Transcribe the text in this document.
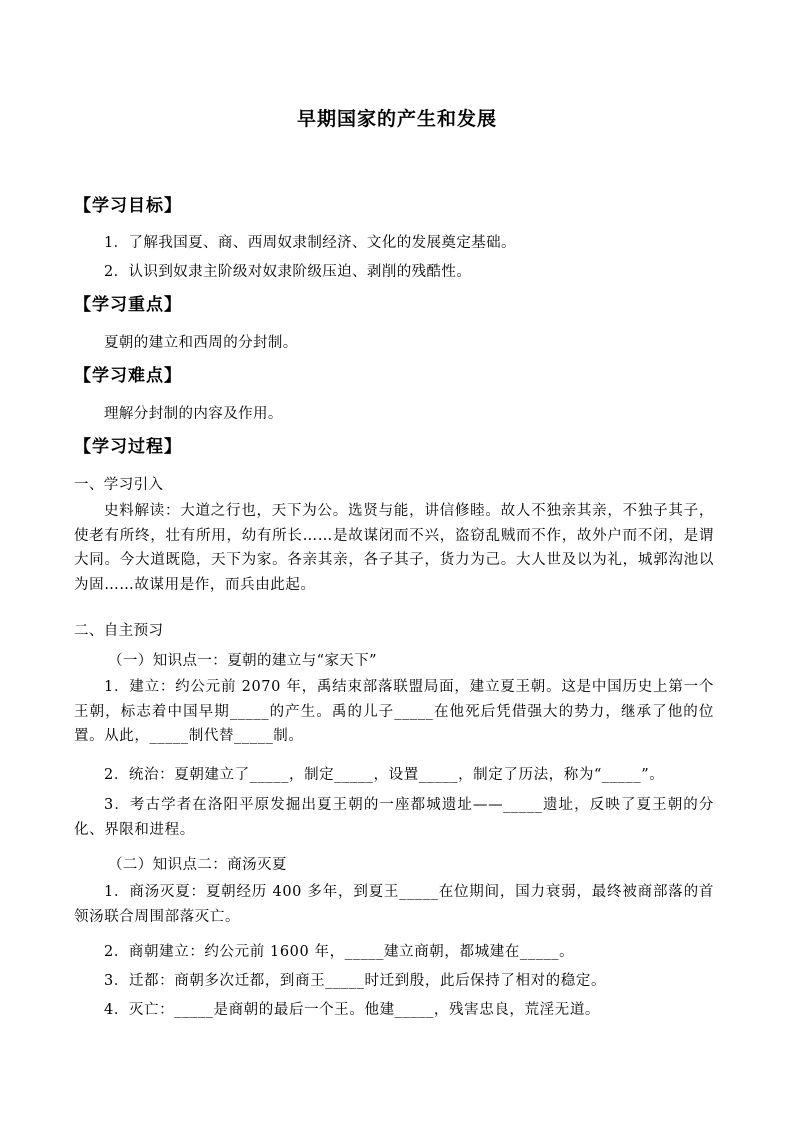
早期国家的产生和发展
【学习目标】
1．了解我国夏、商、西周奴隶制经济、文化的发展奠定基础。
2．认识到奴隶主阶级对奴隶阶级压迫、剥削的残酷性。
【学习重点】
夏朝的建立和西周的分封制。
【学习难点】
理解分封制的内容及作用。
【学习过程】
一、学习引入
史料解读：大道之行也，天下为公。选贤与能，讲信修睦。故人不独亲其亲，不独子其子，使老有所终，壮有所用，幼有所长……是故谋闭而不兴，盗窃乱贼而不作，故外户而不闭，是谓大同。今大道既隐，天下为家。各亲其亲，各子其子，货力为己。大人世及以为礼，城郭沟池以为固……故谋用是作，而兵由此起。
二、自主预习
（一）知识点一：夏朝的建立与“家天下”
1．建立：约公元前 2070 年，禹结束部落联盟局面，建立夏王朝。这是中国历史上第一个王朝，标志着中国早期_____的产生。禹的儿子_____在他死后凭借强大的势力，继承了他的位置。从此，_____制代替_____制。
2．统治：夏朝建立了_____，制定_____，设置_____，制定了历法，称为“_____”。
3．考古学者在洛阳平原发掘出夏王朝的一座都城遗址——_____遗址，反映了夏王朝的分化、界限和进程。
（二）知识点二：商汤灭夏
1．商汤灭夏：夏朝经历 400 多年，到夏王_____在位期间，国力衰弱，最终被商部落的首领汤联合周围部落灭亡。
2．商朝建立：约公元前 1600 年，_____建立商朝，都城建在_____。
3．迁都：商朝多次迁都，到商王_____时迁到殷，此后保持了相对的稳定。
4．灭亡：_____是商朝的最后一个王。他建_____，残害忠良，荒淫无道。
